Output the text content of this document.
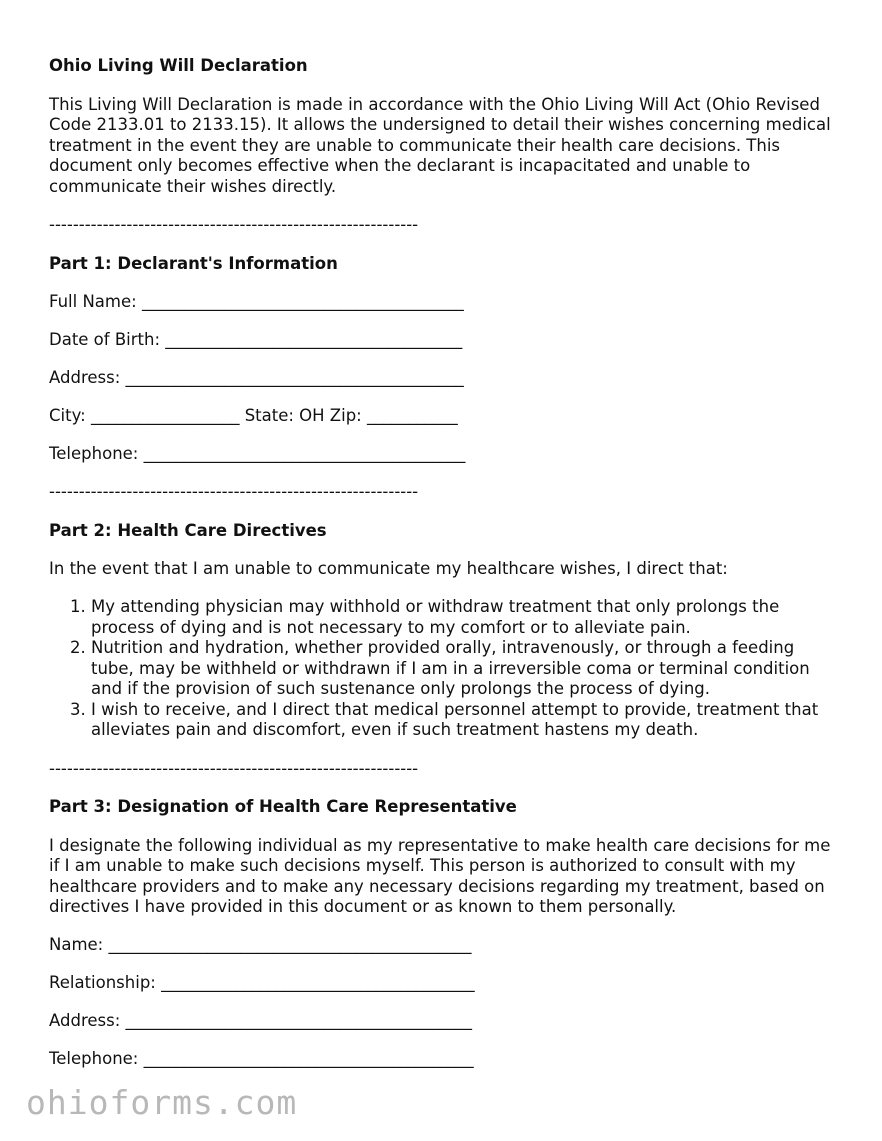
Ohio Living Will Declaration

This Living Will Declaration is made in accordance with the Ohio Living Will Act (Ohio Revised Code 2133.01 to 2133.15). It allows the undersigned to detail their wishes concerning medical treatment in the event they are unable to communicate their health care decisions. This document only becomes effective when the declarant is incapacitated and unable to communicate their wishes directly.

--------------------------------------------------------------
Part 1: Declarant's Information
Full Name: _______________________________________
Date of Birth: ____________________________________
Address: _________________________________________
City: __________________ State: OH Zip: ___________
Telephone: _______________________________________
--------------------------------------------------------------
Part 2: Health Care Directives

In the event that I am unable to communicate my healthcare wishes, I direct that:

1. My attending physician may withhold or withdraw treatment that only prolongs the process of dying and is not necessary to my comfort or to alleviate pain.
2. Nutrition and hydration, whether provided orally, intravenously, or through a feeding tube, may be withheld or withdrawn if I am in a irreversible coma or terminal condition and if the provision of such sustenance only prolongs the process of dying.
3. I wish to receive, and I direct that medical personnel attempt to provide, treatment that alleviates pain and discomfort, even if such treatment hastens my death.
--------------------------------------------------------------
Part 3: Designation of Health Care Representative

I designate the following individual as my representative to make health care decisions for me if I am unable to make such decisions myself. This person is authorized to consult with my healthcare providers and to make any necessary decisions regarding my treatment, based on directives I have provided in this document or as known to them personally.

Name: ____________________________________________
Relationship: ______________________________________
Address: __________________________________________
Telephone: ________________________________________
ohioforms.com
